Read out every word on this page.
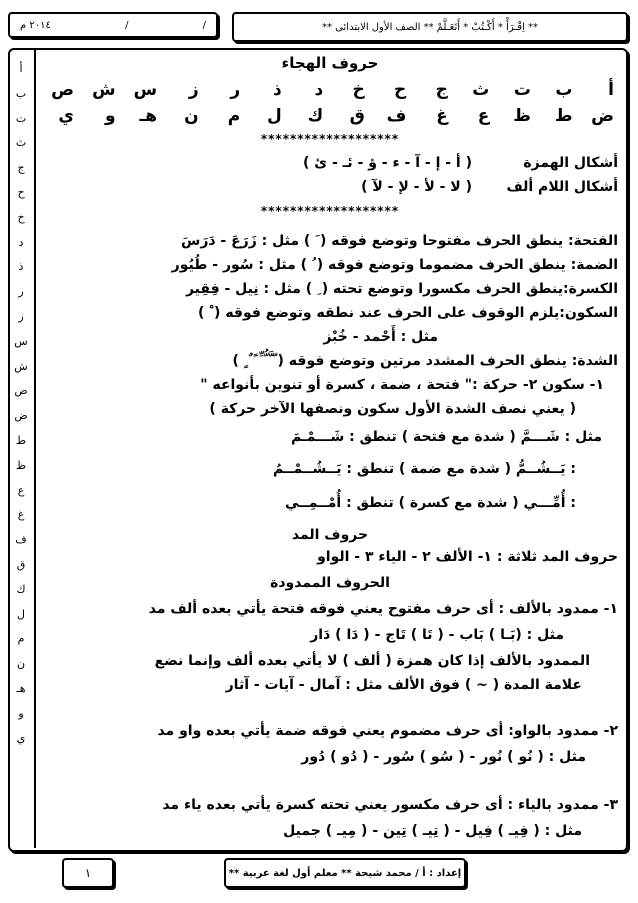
** اِقْـرَأْ * أَكْـتُبْ * أَتَعَـلَّمْ ** الصف الأول الابتدائى **
/
/
٢٠١٤ م
أ
ب
ت
ث
ج
ح
خ
د
ذ
ر
ز
س
ش
ص
ض
ط
ظ
ع
غ
ف
ق
ك
ل
م
ن
هـ
و
ي
حروف الهجاء
أ
ب
ت
ث
ج
ح
خ
د
ذ
ر
ز
س
ش
ص
ض
ط
ظ
ع
غ
ف
ق
ك
ل
م
ن
هـ
و
ي
*******************
أشكال الهمزة
( أ - إ - آ - ء - ؤ - ئـ - ئ )
أشكال اللام ألف
( لا - لأ - لإ - لآ )
*******************
الفتحة: ينطق الحرف مفتوحا وتوضع فوقه ( َ ) مثل : زَرَعَ - دَرَسَ
الضمة: ينطق الحرف مضموما وتوضع فوقه ( ُ ) مثل : سُور - طُيُور
الكسرة:ينطق الحرف مكسورا وتوضع تحته ( ِ ) مثل : نِيل - فِقِير
السكون:يلزم الوقوف على الحرف عند نطقه وتوضع فوقه ( ْ )
مثل : أَحْمد - خُبْز
الشدة: ينطق الحرف المشدد مرتين وتوضع فوقه ( ّ َّ ُّ ِّ ً ٌ ٍ )
١- سكون ٢- حركة :" فتحة ، ضمة ، كسرة أو تنوين بأنواعه "
( يعني نصف الشدة الأول سكون ونصفها الآخر حركة )
مثل : شَـــمَّ ( شدة مع فتحة ) تنطق : شَـــمْـمَ
: يَــشُــمُّ ( شدة مع ضمة ) تنطق : يَــشُــمْــمُ
: أُمِّـــي ( شدة مع كسرة ) تنطق : أُمْــمِــي
حروف المد
حروف المد ثلاثة : ١- الألف ٢ - الياء ٣ - الواو
الحروف الممدودة
١- ممدود بالألف : أى حرف مفتوح يعني فوقه فتحة يأتي بعده ألف مد
مثل : (بَـا ) بَاب - ( تَا ) تَاج - ( دَا ) دَار
الممدود بالألف إذا كان همزة ( ألف ) لا يأتي بعده ألف وإنما نضع
علامة المدة ( ~ ) فوق الألف مثل : آمال - آيات - آثار
٢- ممدود بالواو: أى حرف مضموم يعني فوقه ضمة يأتي بعده واو مد
مثل : ( نُو ) نُور - ( سُو ) سُور - ( دُو ) دُور
٣- ممدود بالياء : أى حرف مكسور يعني تحته كسرة يأتي بعده ياء مد
مثل : ( فِيـ ) فِيل - ( تِيـ ) تِين - ( مِيـ ) جميل
إعداد : أ / محمد شيحة ** معلم أول لغة عربية **
١
